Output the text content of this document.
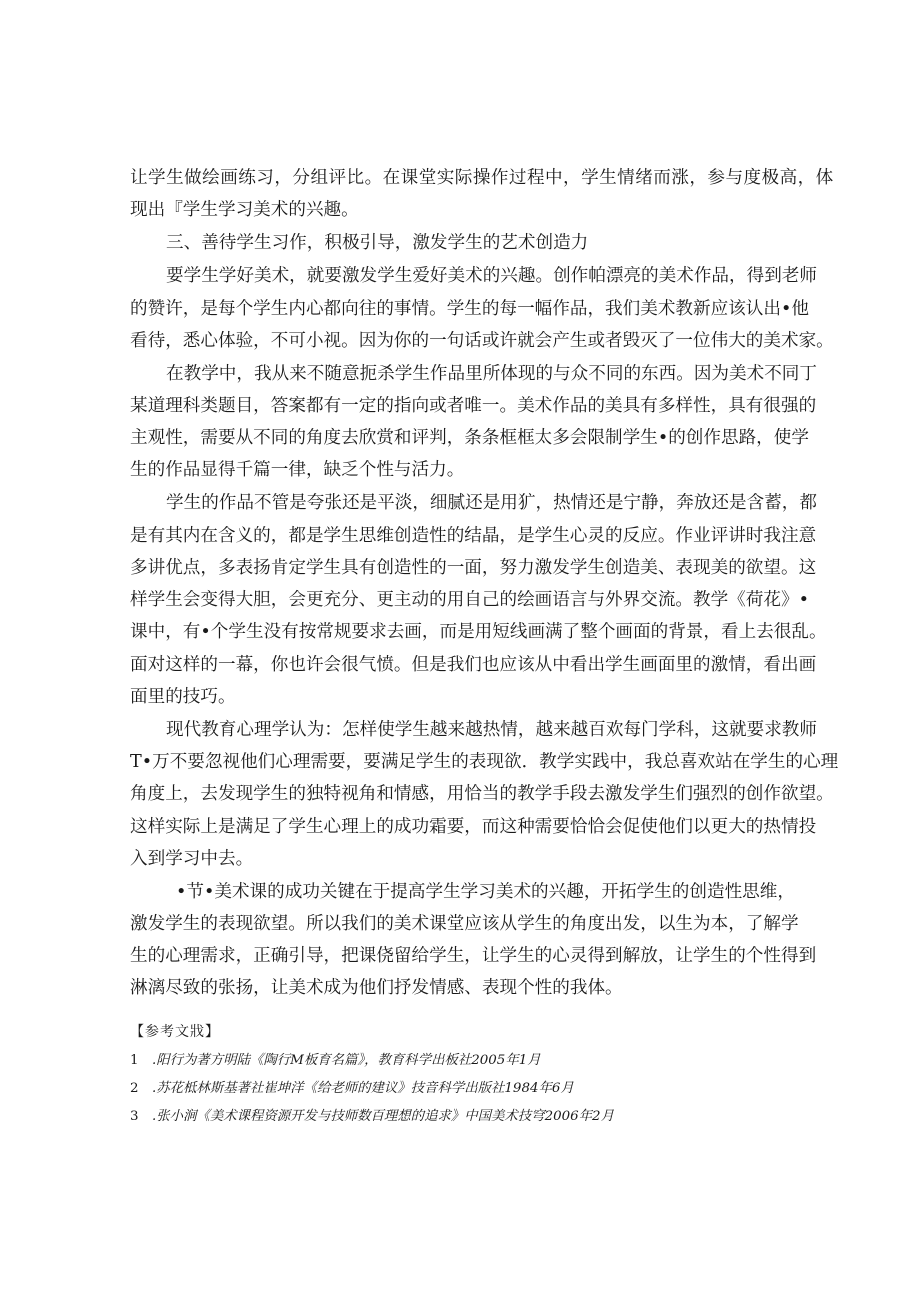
让学生做绘画练习，分组评比。在课堂实际操作过程中，学生情绪而涨，参与度极高，体
现出『学生学习美术的兴趣。
三、善待学生习作，积极引导，激发学生的艺术创造力
要学生学好美术，就要激发学生爱好美术的兴趣。创作帕漂亮的美术作品，得到老师
的赞许，是每个学生内心都向往的事情。学生的每一幅作品，我们美术教新应该认出•他
看待，悉心体验，不可小视。因为你的一句话或许就会产生或者毁灭了一位伟大的美术家。
在教学中，我从来不随意扼杀学生作品里所体现的与众不同的东西。因为美术不同丁
某道理科类题目，答案都有一定的指向或者唯一。美术作品的美具有多样性，具有很强的
主观性，需要从不同的角度去欣赏和评判，条条框框太多会限制学生•的创作思路，使学
生的作品显得千篇一律，缺乏个性与活力。
学生的作品不管是夸张还是平淡，细腻还是用犷，热情还是宁静，奔放还是含蓄，都
是有其内在含义的，都是学生思维创造性的结晶，是学生心灵的反应。作业评讲时我注意
多讲优点，多表扬肯定学生具有创造性的一面，努力激发学生创造美、表现美的欲望。这
样学生会变得大胆，会更充分、更主动的用自己的绘画语言与外界交流。教学《荷花》•
课中，有•个学生没有按常规要求去画，而是用短线画满了整个画面的背景，看上去很乱。
面对这样的一幕，你也许会很气愤。但是我们也应该从中看出学生画面里的激情，看出画
面里的技巧。
现代教育心理学认为：怎样使学生越来越热情，越来越百欢每门学科，这就要求教师
T•万不要忽视他们心理需要，要满足学生的表现欲．教学实践中，我总喜欢站在学生的心理
角度上，去发现学生的独特视角和情感，用恰当的教学手段去激发学生们强烈的创作欲望。
这样实际上是满足了学生心理上的成功霜要，而这种需要恰恰会促使他们以更大的热情投
入到学习中去。
•节•美术课的成功关键在于提高学生学习美术的兴趣，开拓学生的创造性思维，
激发学生的表现欲望。所以我们的美术课堂应该从学生的角度出发，以生为本，了解学
生的心理需求，正确引导，把课侥留给学生，让学生的心灵得到解放，让学生的个性得到
淋漓尽致的张扬，让美术成为他们抒发情感、表现个性的我体。
【参考文戕】
1 .阳行为著方明陆《陶行M板育名篇》，教育科学出板社2005年1月
2 .苏花柢林斯基著社崔坤洋《给老师的建议》技音科学出版社1984年6月
3 .张小涧《美术课程资源开发与技师数百理想的追求》中国美术技穹2006年2月
